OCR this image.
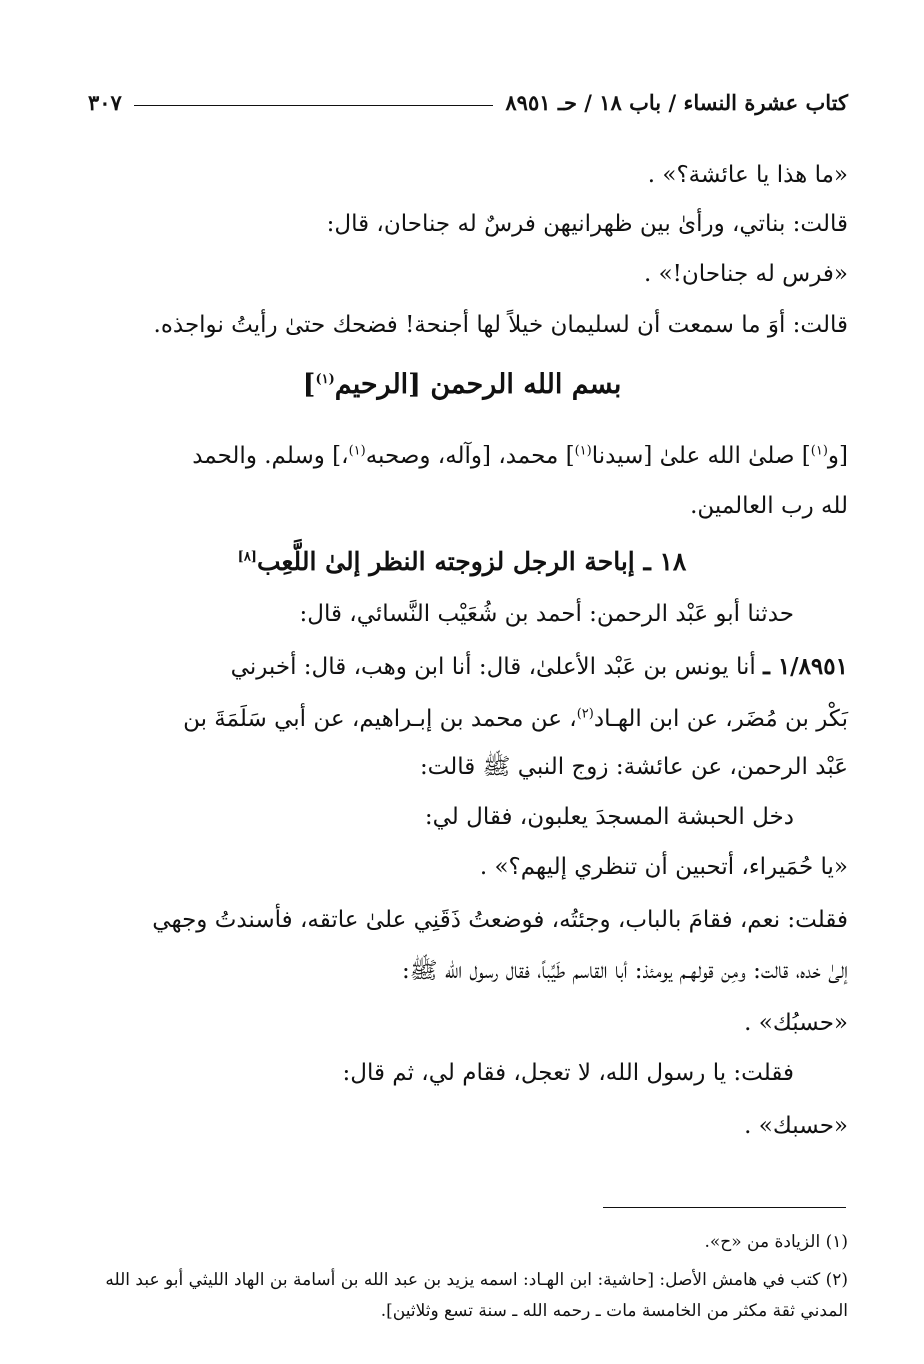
كتاب عشرة النساء / باب ١٨ / حـ ٨٩٥١
٣٠٧
«ما هذا يا عائشة؟» .
قالت: بناتي، ورأىٰ بين ظهرانيهن فرسٌ له جناحان، قال:
«فرس له جناحان!» .
قالت: أوَ ما سمعت أن لسليمان خيلاً لها أجنحة! فضحك حتىٰ رأيتُ نواجذه.
بسم الله الرحمن [الرحيم$^{(١)}$]
[و$^{(١)}$] صلىٰ الله علىٰ [سيدنا$^{(١)}$] محمد، [وآله، وصحبه$^{(١)}$،] وسلم. والحمد
لله رب العالمين.
١٨ ـ إباحة الرجل لزوجته النظر إلىٰ اللَّعِب[٨]
حدثنا أبو عَبْد الرحمن: أحمد بن شُعَيْب النَّسائي، قال:
١/٨٩٥١ ـ أنا يونس بن عَبْد الأعلىٰ، قال: أنا ابن وهب، قال: أخبرني
بَكْر بن مُضَر، عن ابن الهـاد$^{(٢)}$، عن محمد بن إبـراهيم، عن أبي سَلَمَةَ بن
عَبْد الرحمن، عن عائشة: زوج النبي ﷺ قالت:
دخل الحبشة المسجدَ يعلبون، فقال لي:
«يا حُمَيراء، أتحبين أن تنظري إليهم؟» .
فقلت: نعم، فقامَ بالباب، وجئتُه، فوضعتُ ذَقَنِي علىٰ عاتقه، فأسندتُ وجهي
إلىٰ خده، قالت: ومِن قولهـم يومئذ: أبا القاسم طَيِّباً، فقال رسول الله ﷺ:
«حسبُك» .
فقلت: يا رسول الله، لا تعجل، فقام لي، ثم قال:
«حسبك» .
(١) الزيادة من «ح».
(٢) كتب في هامش الأصل: [حاشية: ابن الهـاد: اسمه يزيد بن عبد الله بن أسامة بن الهاد الليثي أبو عبد الله
المدني ثقة مكثر من الخامسة مات ـ رحمه الله ـ سنة تسع وثلاثين].
